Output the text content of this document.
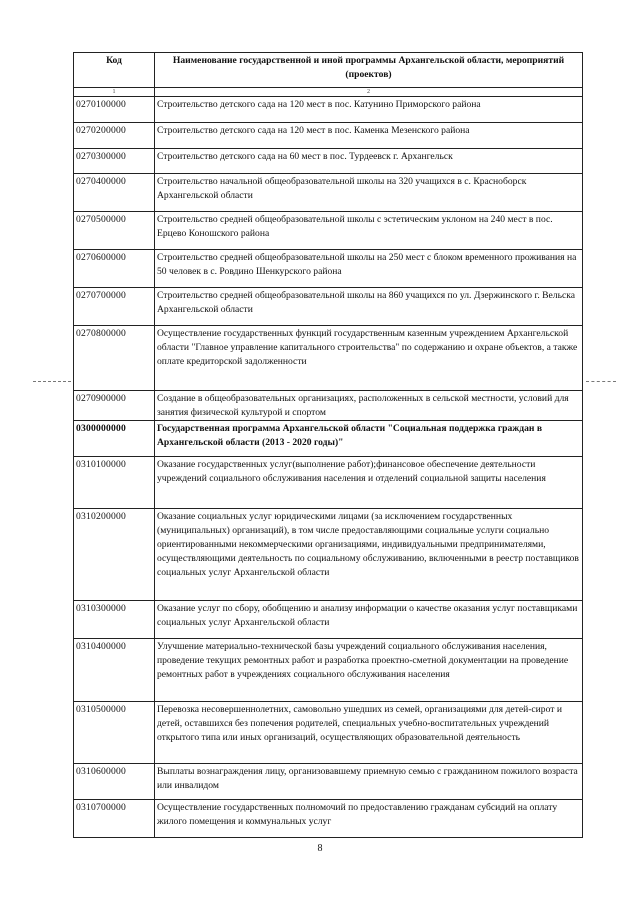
Код	Наименование государственной и иной программы Архангельской области, мероприятий (проектов)
1	2
0270100000	Строительство детского сада на 120 мест в пос. Катунино Приморского района
0270200000	Строительство детского сада на 120 мест в пос. Каменка Мезенского района
0270300000	Строительство детского сада на 60 мест в пос. Турдеевск г. Архангельск
0270400000	Строительство начальной общеобразовательной школы на 320 учащихся в с. Красноборск Архангельской области
0270500000	Строительство средней общеобразовательной школы с эстетическим уклоном на 240 мест в пос. Ерцево Коношского района
0270600000	Строительство средней общеобразовательной школы на 250 мест с блоком временного проживания на 50 человек в с. Ровдино Шенкурского района
0270700000	Строительство средней общеобразовательной школы на 860 учащихся по ул. Дзержинского г. Вельска Архангельской области
0270800000	Осуществление государственных функций государственным казенным учреждением Архангельской области "Главное управление капитального строительства" по содержанию и охране объектов, а также оплате кредиторской задолженности
0270900000	Создание в общеобразовательных организациях, расположенных в сельской местности, условий для занятия физической культурой и спортом
0300000000	Государственная программа Архангельской области "Социальная поддержка граждан в Архангельской области (2013 - 2020 годы)"
0310100000	Оказание государственных услуг(выполнение работ);финансовое обеспечение деятельности учреждений социального обслуживания населения и отделений социальной защиты населения
0310200000	Оказание социальных услуг юридическими лицами (за исключением государственных (муниципальных) организаций), в том числе предоставляющими социальные услуги социально ориентированными некоммерческими организациями, индивидуальными предпринимателями, осуществляющими деятельность по социальному обслуживанию, включенными в реестр поставщиков социальных услуг Архангельской области
0310300000	Оказание услуг по сбору, обобщению и анализу информации о качестве оказания услуг поставщиками социальных услуг Архангельской области
0310400000	Улучшение материально-технической базы учреждений социального обслуживания населения, проведение текущих ремонтных работ и разработка проектно-сметной документации на проведение ремонтных работ в учреждениях социального обслуживания населения
0310500000	Перевозка несовершеннолетних, самовольно ушедших из семей, организациями для детей-сирот и детей, оставшихся без попечения родителей, специальных учебно-воспитательных учреждений открытого типа или иных организаций, осуществляющих образовательной деятельность
0310600000	Выплаты вознаграждения лицу, организовавшему приемную семью с гражданином пожилого возраста или инвалидом
0310700000	Осуществление государственных полномочий по предоставлению гражданам субсидий на оплату жилого помещения и коммунальных услуг
8
